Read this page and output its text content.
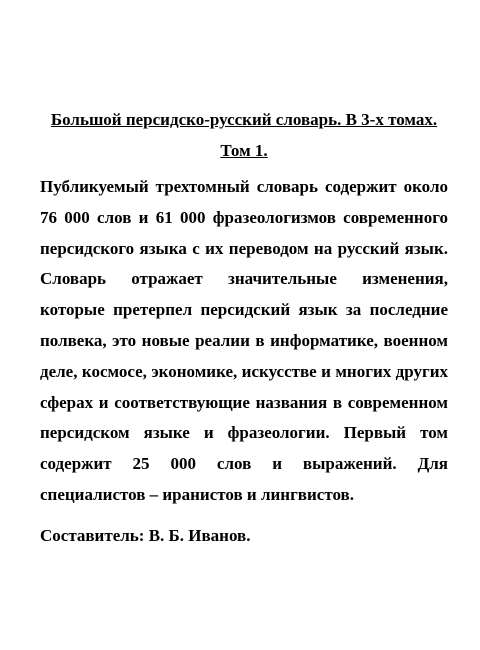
Большой персидско-русский словарь. В 3-х томах. Том 1.

Публикуемый трехтомный словарь содержит около 76 000 слов и 61 000 фразеологизмов современного персидского языка с их переводом на русский язык. Словарь отражает значительные изменения, которые претерпел персидский язык за последние полвека, это новые реалии в информатике, военном деле, космосе, экономике, искусстве и многих других сферах и соответствующие названия в современном персидском языке и фразеологии. Первый том содержит 25 000 слов и выражений. Для специалистов – иранистов и лингвистов.

Составитель: В. Б. Иванов.
